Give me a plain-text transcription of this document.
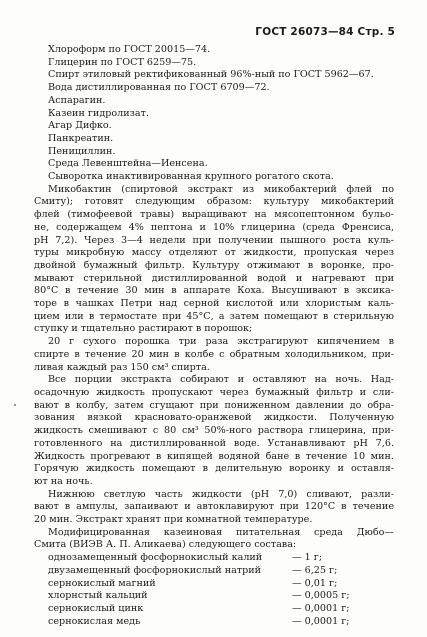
ГОСТ 26073—84 Стр. 5

Хлороформ по ГОСТ 20015—74.

Глицерин по ГОСТ 6259—75.

Спирт этиловый ректификованный 96%-ный по ГОСТ 5962—67.

Вода дистиллированная по ГОСТ 6709—72.

Аспарагин.

Казеин гидролизат.

Агар Дифко.

Панкреатин.

Пенициллин.

Среда Левенштейна—Иенсена.

Сыворотка инактивированная крупного рогатого скота.

Микобактин (спиртовой экстракт из микобактерий флей по

Смиту); готовят следующим образом: культуру микобактерий

флей (тимофеевой травы) выращивают на мясопептонном бульо-

не, содержащем 4% пептона и 10% глицерина (среда Френсиса,

pH 7,2). Через 3—4 недели при получении пышного роста куль-

туры микробную массу отделяют от жидкости, пропуская через

двойной бумажный фильтр. Культуру отжимают в воронке, про-

мывают стерильной дистиллированной водой и нагревают при

80°С в течение 30 мин в аппарате Коха. Высушивают в эксика-

торе в чашках Петри над серной кислотой или хлористым каль-

цием или в термостате при 45°С, а затем помещают в стерильную

ступку и тщательно растирают в порошок;

20 г сухого порошка три раза экстрагируют кипячением в

спирте в течение 20 мин в колбе с обратным холодильником, при-

ливая каждый раз 150 см³ спирта.

Все порции экстракта собирают и оставляют на ночь. Над-

осадочную жидкость пропускают через бумажный фильтр и сли-

вают в колбу, затем сгущают при пониженном давлении до обра-

зования вязкой красновато-оранжевой жидкости. Полученную

жидкость смешивают с 80 см³ 50%-ного раствора глицерина, при-

готовленного на дистиллированной воде. Устанавливают pH 7,6.

Жидкость прогревают в кипящей водяной бане в течение 10 мин.

Горячую жидкость помещают в делительную воронку и оставля-

ют на ночь.

Нижнюю светлую часть жидкости (pH 7,0) сливают, разли-

вают в ампулы, запаивают и автоклавируют при 120°С в течение

20 мин. Экстракт хранят при комнатной температуре.

Модифицированная казеиновая питательная среда Дюбо—

Смита (ВИЭВ А. П. Аликаева) следующего состава:

однозамещенный фосфорнокислый калий	— 1 г;
двузамещенный фосфорнокислый натрий	— 6,25 г;
сернокислый магний	— 0,01 г;
хлорнстый кальций	— 0,0005 г;
сернокислый цинк	— 0,0001 г;
сернокислая медь	— 0,0001 г;
